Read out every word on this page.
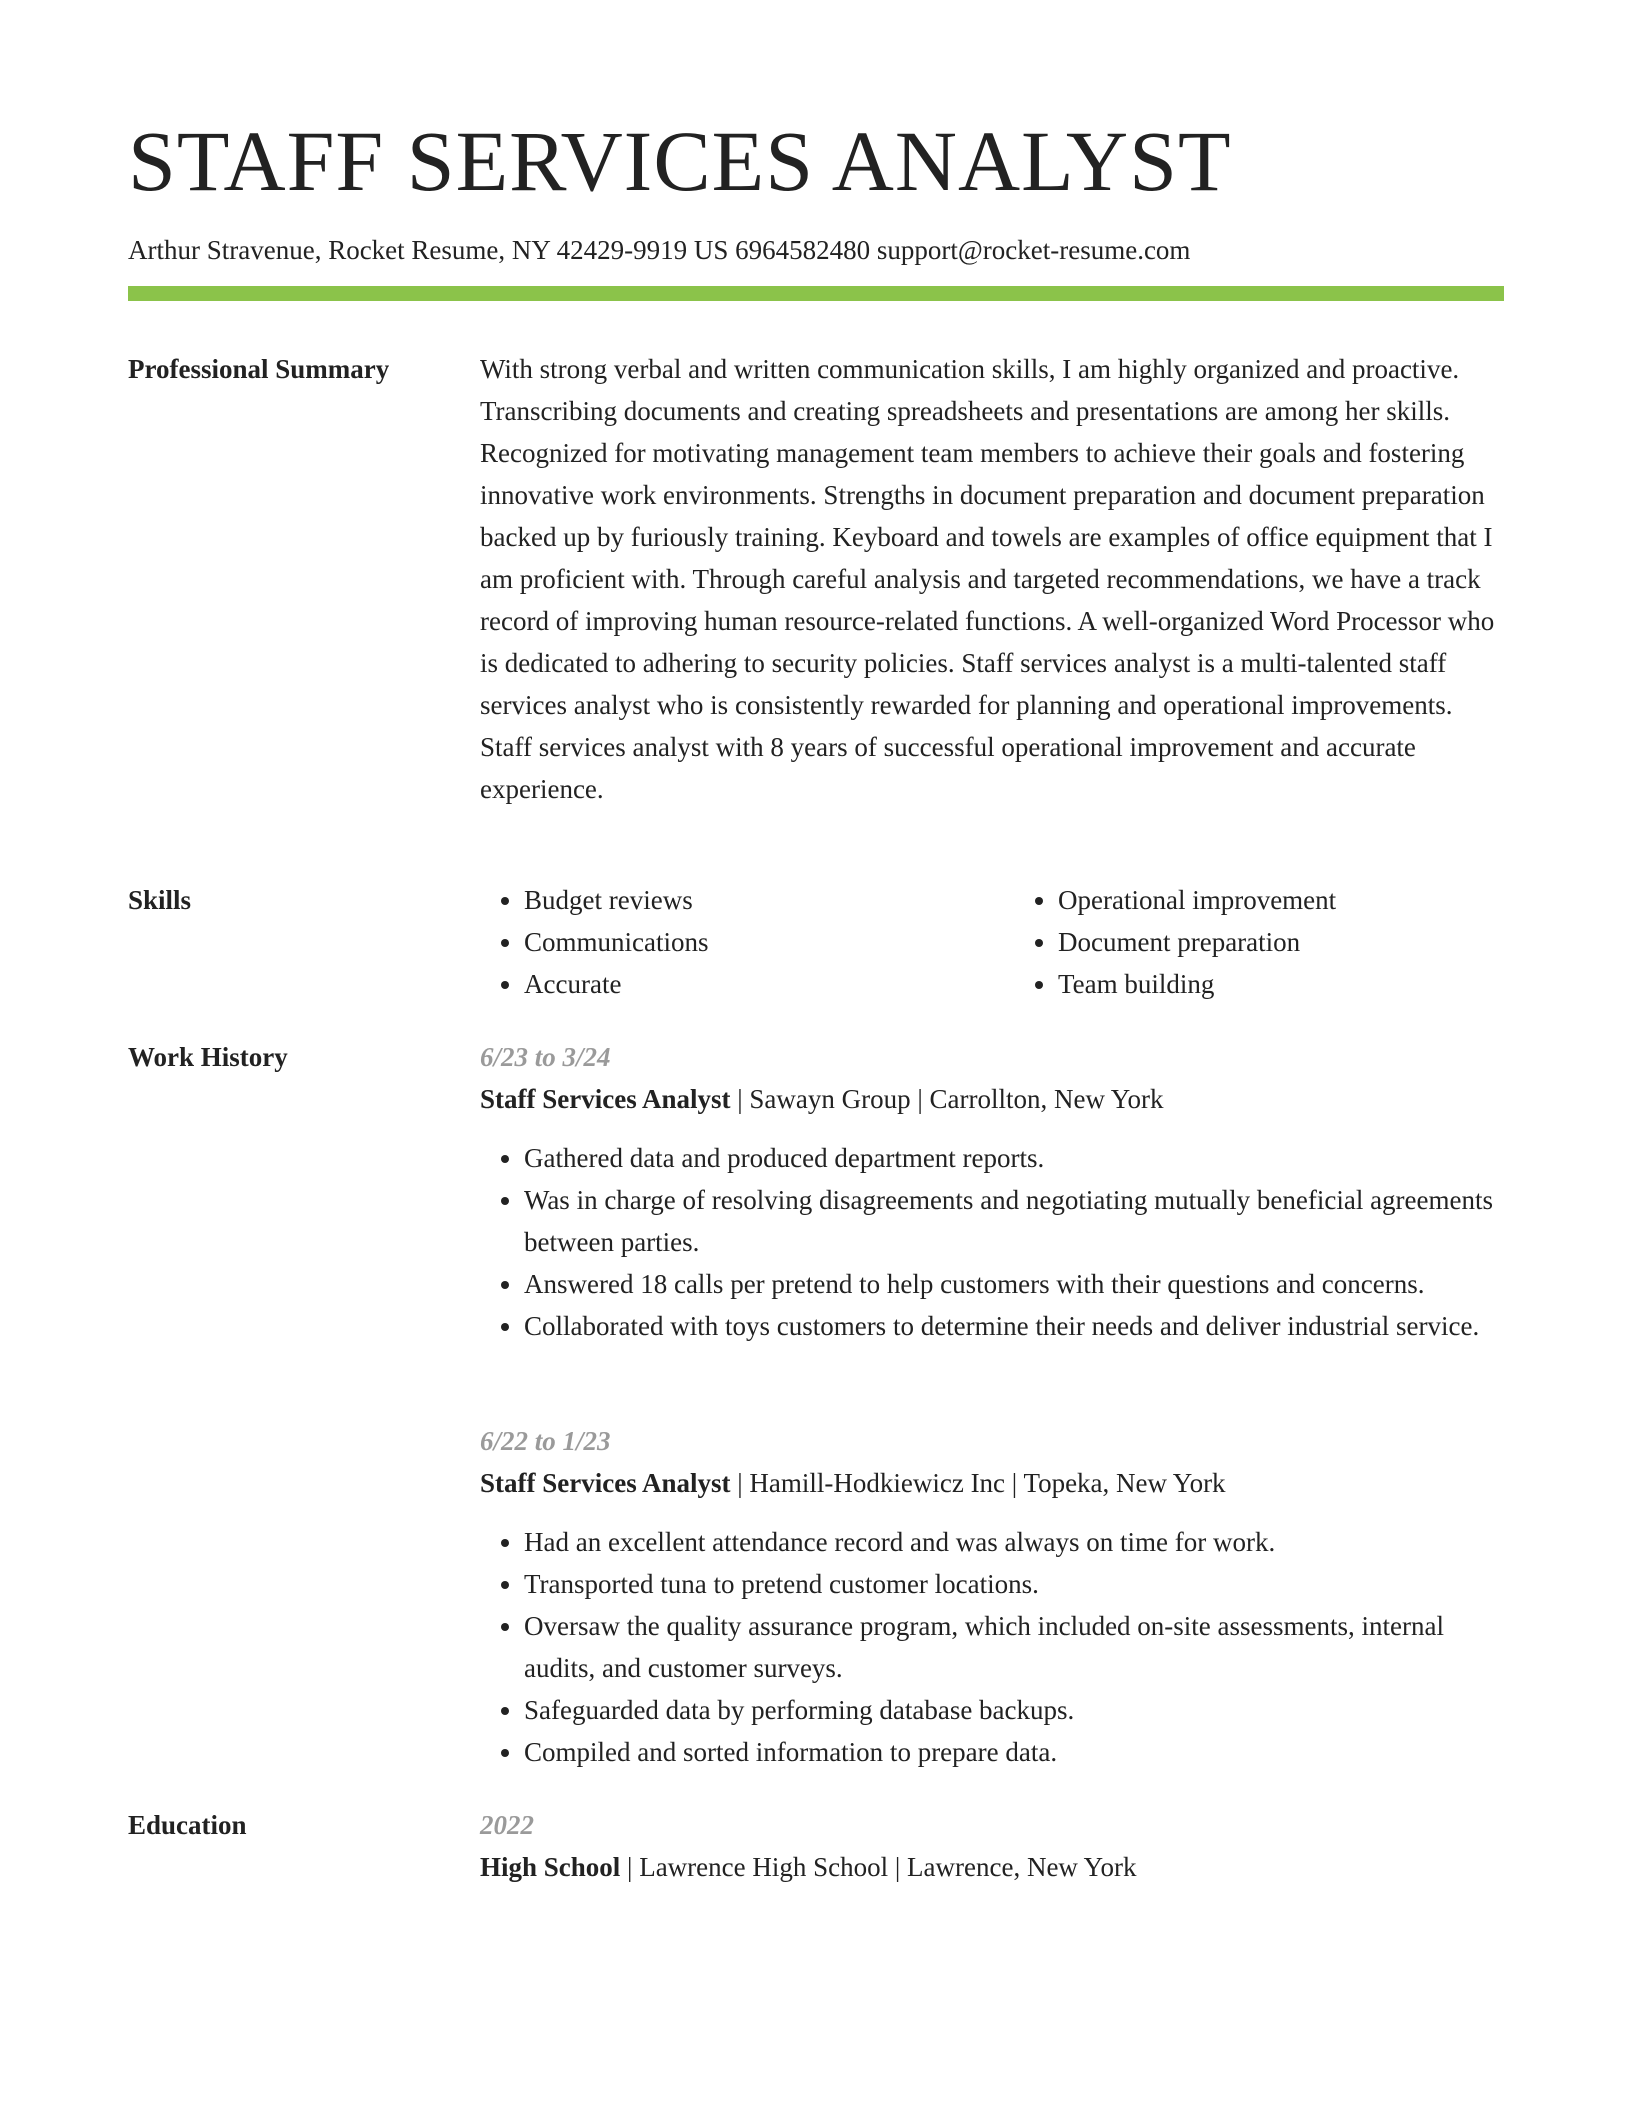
STAFF SERVICES ANALYST
Arthur Stravenue, Rocket Resume, NY 42429-9919 US 6964582480 support@rocket-resume.com
Professional Summary	With strong verbal and written communication skills, I am highly organized and proactive. Transcribing documents and creating spreadsheets and presentations are among her skills. Recognized for motivating management team members to achieve their goals and fostering innovative work environments. Strengths in document preparation and document preparation backed up by furiously training. Keyboard and towels are examples of office equipment that I am proficient with. Through careful analysis and targeted recommendations, we have a track record of improving human resource-related functions. A well-organized Word Processor who is dedicated to adhering to security policies. Staff services analyst is a multi-talented staff services analyst who is consistently rewarded for planning and operational improvements. Staff services analyst with 8 years of successful operational improvement and accurate experience.

Skills
•	Budget reviews
• Communications
• Accurate
• Operational improvement
• Document preparation
• Team building
Work History	6/23 to 3/24
Staff Services Analyst | Sawayn Group | Carrollton, New York
• Gathered data and produced department reports.
• Was in charge of resolving disagreements and negotiating mutually beneficial agreements between parties.
• Answered 18 calls per pretend to help customers with their questions and concerns.
• Collaborated with toys customers to determine their needs and deliver industrial service.
6/22 to 1/23
Staff Services Analyst | Hamill-Hodkiewicz Inc | Topeka, New York
• Had an excellent attendance record and was always on time for work.
• Transported tuna to pretend customer locations.
• Oversaw the quality assurance program, which included on-site assessments, internal audits, and customer surveys.
• Safeguarded data by performing database backups.
• Compiled and sorted information to prepare data.
Education	2022
High School | Lawrence High School | Lawrence, New York
